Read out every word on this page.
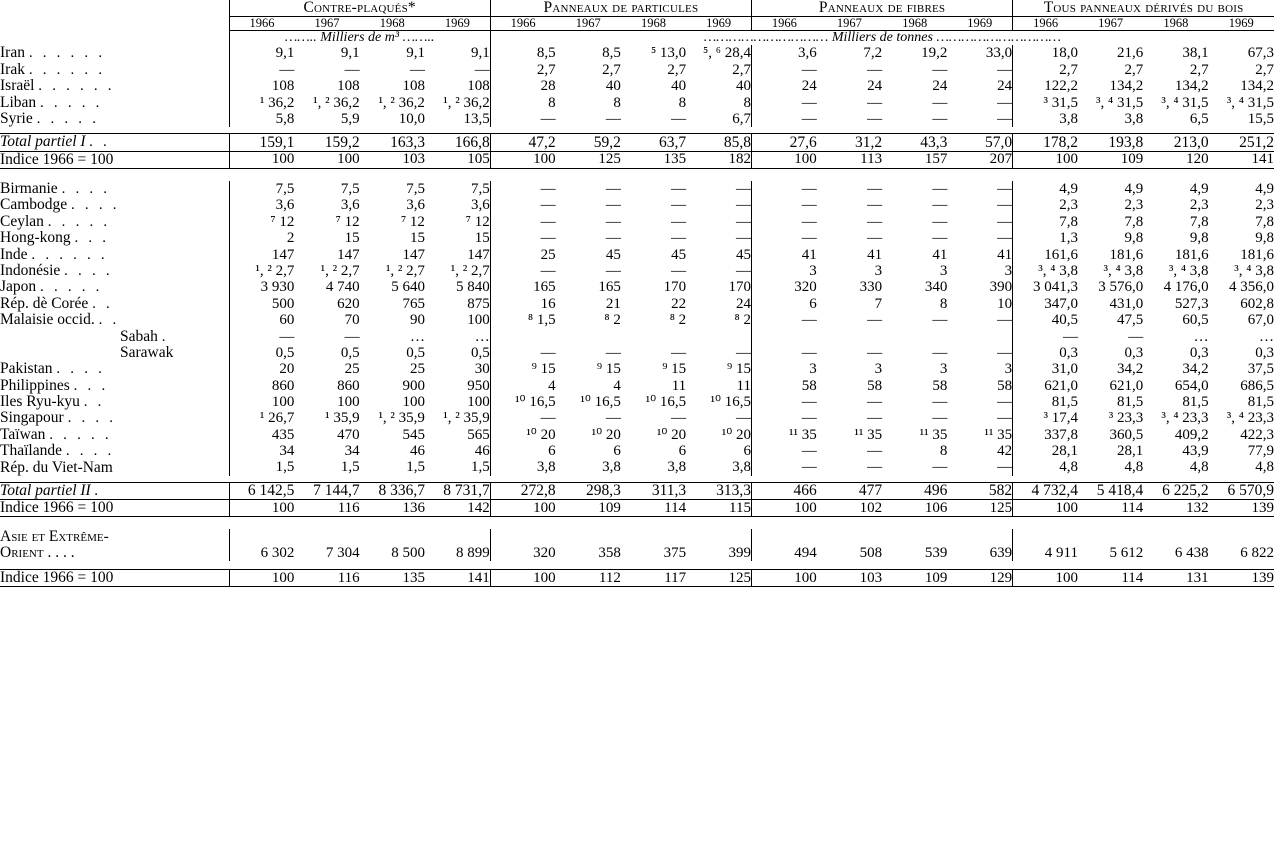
	Contre-plaqués*				Panneaux de particules				Panneaux de fibres				Tous panneaux dérivés du bois			
	1966	1967	1968	1969	1966	1967	1968	1969	1966	1967	1968	1969	1966	1967	1968	1969
	…….. Milliers de m³ ……..				………………………… Milliers de tonnes …………………………											
Iran . . . . . .	9,1	9,1	9,1	9,1	8,5	8,5	⁵ 13,0	⁵, ⁶ 28,4	3,6	7,2	19,2	33,0	18,0	21,6	38,1	67,3
Irak . . . . . .	—	—	—	—	2,7	2,7	2,7	2,7	—	—	—	—	2,7	2,7	2,7	2,7
Israël . . . . . .	108	108	108	108	28	40	40	40	24	24	24	24	122,2	134,2	134,2	134,2
Liban . . . . .	¹ 36,2	¹, ² 36,2	¹, ² 36,2	¹, ² 36,2	8	8	8	8	—	—	—	—	³ 31,5	³, ⁴ 31,5	³, ⁴ 31,5	³, ⁴ 31,5
Syrie . . . . .	5,8	5,9	10,0	13,5	—	—	—	6,7	—	—	—	—	3,8	3,8	6,5	15,5

Total partiel I . .	159,1	159,2	163,3	166,8	47,2	59,2	63,7	85,8	27,6	31,2	43,3	57,0	178,2	193,8	213,0	251,2
Indice 1966 = 100	100	100	103	105	100	125	135	182	100	113	157	207	100	109	120	141

Birmanie . . . .	7,5	7,5	7,5	7,5	—	—	—	—	—	—	—	—	4,9	4,9	4,9	4,9
Cambodge . . . .	3,6	3,6	3,6	3,6	—	—	—	—	—	—	—	—	2,3	2,3	2,3	2,3
Ceylan . . . . .	⁷ 12	⁷ 12	⁷ 12	⁷ 12	—	—	—	—	—	—	—	—	7,8	7,8	7,8	7,8
Hong-kong . . .	2	15	15	15	—	—	—	—	—	—	—	—	1,3	9,8	9,8	9,8
Inde . . . . . .	147	147	147	147	25	45	45	45	41	41	41	41	161,6	181,6	181,6	181,6
Indonésie . . . .	¹, ² 2,7	¹, ² 2,7	¹, ² 2,7	¹, ² 2,7	—	—	—	—	3	3	3	3	³, ⁴ 3,8	³, ⁴ 3,8	³, ⁴ 3,8	³, ⁴ 3,8
Japon . . . . .	3 930	4 740	5 640	5 840	165	165	170	170	320	330	340	390	3 041,3	3 576,0	4 176,0	4 356,0
Rép. dè Corée . .	500	620	765	875	16	21	22	24	6	7	8	10	347,0	431,0	527,3	602,8
Malaisie occid. . .	60	70	90	100	⁸ 1,5	⁸ 2	⁸ 2	⁸ 2	—	—	—	—	40,5	47,5	60,5	67,0
Sabah .	—	—	…	…									—	—	…	…
Sarawak	0,5	0,5	0,5	0,5	—	—	—	—	—	—	—	—	0,3	0,3	0,3	0,3
Pakistan . . . .	20	25	25	30	⁹ 15	⁹ 15	⁹ 15	⁹ 15	3	3	3	3	31,0	34,2	34,2	37,5
Philippines . . .	860	860	900	950	4	4	11	11	58	58	58	58	621,0	621,0	654,0	686,5
Iles Ryu-kyu . .	100	100	100	100	¹⁰ 16,5	¹⁰ 16,5	¹⁰ 16,5	¹⁰ 16,5	—	—	—	—	81,5	81,5	81,5	81,5
Singapour . . . .	¹ 26,7	¹ 35,9	¹, ² 35,9	¹, ² 35,9	—	—	—	—	—	—	—	—	³ 17,4	³ 23,3	³, ⁴ 23,3	³, ⁴ 23,3
Taïwan . . . . .	435	470	545	565	¹⁰ 20	¹⁰ 20	¹⁰ 20	¹⁰ 20	¹¹ 35	¹¹ 35	¹¹ 35	¹¹ 35	337,8	360,5	409,2	422,3
Thaïlande . . . .	34	34	46	46	6	6	6	6	—	—	8	42	28,1	28,1	43,9	77,9
Rép. du Viet-Nam	1,5	1,5	1,5	1,5	3,8	3,8	3,8	3,8	—	—	—	—	4,8	4,8	4,8	4,8

Total partiel II .	6 142,5	7 144,7	8 336,7	8 731,7	272,8	298,3	311,3	313,3	466	477	496	582	4 732,4	5 418,4	6 225,2	6 570,9
Indice 1966 = 100	100	116	136	142	100	109	114	115	100	102	106	125	100	114	132	139

Asie et Extrême-
Orient . . . .	6 302	7 304	8 500	8 899	320	358	375	399	494	508	539	639	4 911	5 612	6 438	6 822

Indice 1966 = 100	100	116	135	141	100	112	117	125	100	103	109	129	100	114	131	139
